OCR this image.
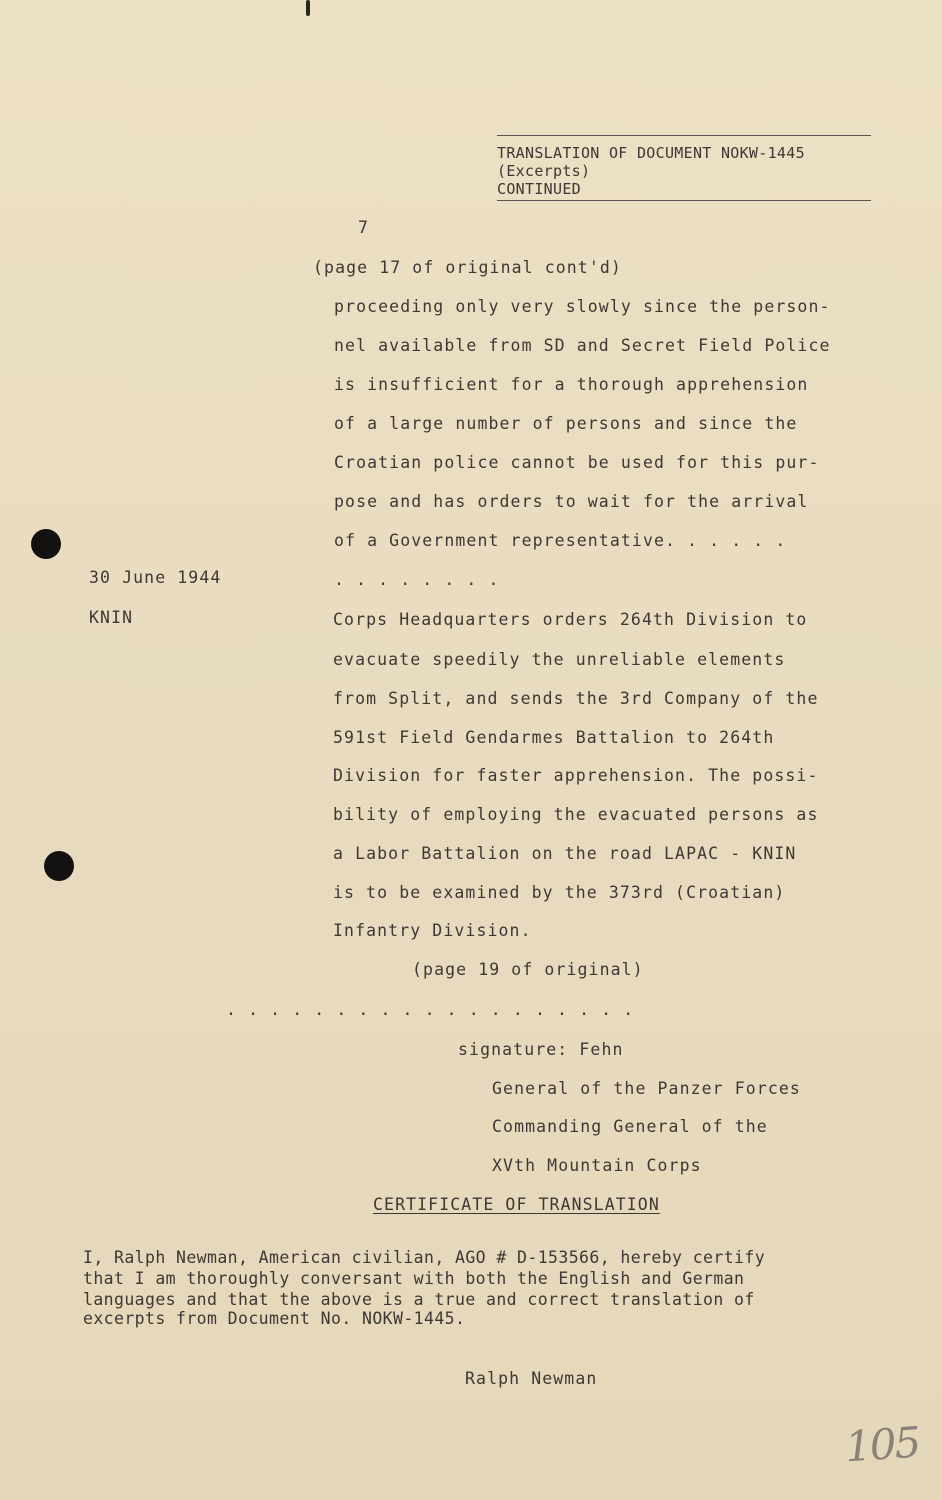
TRANSLATION OF DOCUMENT NOKW-1445
(Excerpts)
CONTINUED
7
(page 17 of original cont'd)
proceeding only very slowly since the person-
nel available from SD and Secret Field Police
is insufficient for a thorough apprehension
of a large number of persons and since the
Croatian police cannot be used for this pur-
pose and has orders to wait for the arrival
of a Government representative. . . . . .
. . . . . . . .
30 June 1944
KNIN	Corps Headquarters orders 264th Division to
evacuate speedily the unreliable elements
from Split, and sends the 3rd Company of the
591st Field Gendarmes Battalion to 264th
Division for faster apprehension. The possi-
bility of employing the evacuated persons as
a Labor Battalion on the road LAPAC - KNIN
is to be examined by the 373rd (Croatian)
Infantry Division.
(page 19 of original)
. . . . . . . . . . . . . . . . . . .
signature: Fehn
General of the Panzer Forces
Commanding General of the
XVth Mountain Corps
CERTIFICATE OF TRANSLATION
I, Ralph Newman, American civilian, AGO # D-153566, hereby certify
that I am thoroughly conversant with both the English and German
languages and that the above is a true and correct translation of
excerpts from Document No. NOKW-1445.
Ralph Newman
105
